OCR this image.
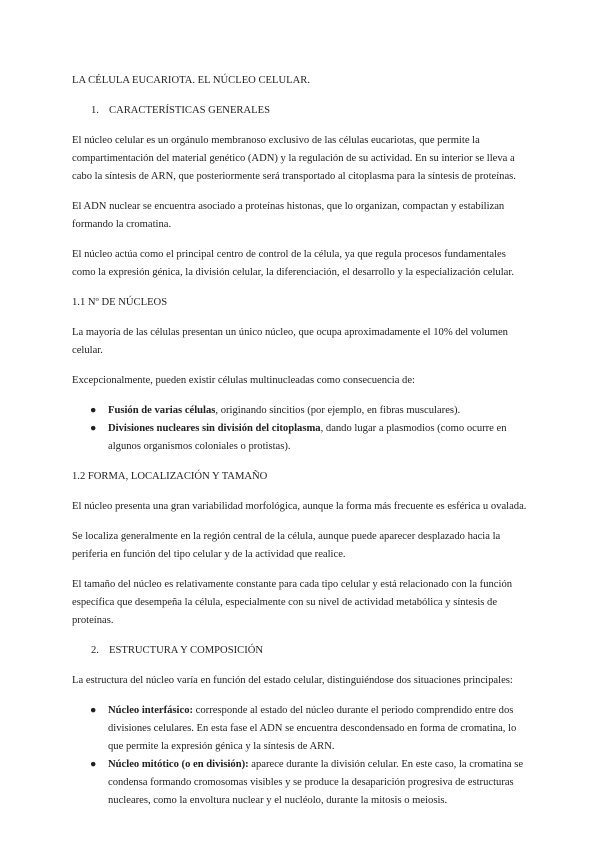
LA CÉLULA EUCARIOTA. EL NÚCLEO CELULAR.

1. CARACTERÍSTICAS GENERALES

El núcleo celular es un orgánulo membranoso exclusivo de las células eucariotas, que permite la compartimentación del material genético (ADN) y la regulación de su actividad. En su interior se lleva a cabo la síntesis de ARN, que posteriormente será transportado al citoplasma para la síntesis de proteínas.

El ADN nuclear se encuentra asociado a proteínas histonas, que lo organizan, compactan y estabilizan formando la cromatina.

El núcleo actúa como el principal centro de control de la célula, ya que regula procesos fundamentales como la expresión génica, la división celular, la diferenciación, el desarrollo y la especialización celular.

1.1 Nº DE NÚCLEOS

La mayoría de las células presentan un único núcleo, que ocupa aproximadamente el 10% del volumen celular.

Excepcionalmente, pueden existir células multinucleadas como consecuencia de:

● Fusión de varias células, originando sincitios (por ejemplo, en fibras musculares).
● Divisiones nucleares sin división del citoplasma, dando lugar a plasmodios (como ocurre en algunos organismos coloniales o protistas).

1.2 FORMA, LOCALIZACIÓN Y TAMAÑO

El núcleo presenta una gran variabilidad morfológica, aunque la forma más frecuente es esférica u ovalada.

Se localiza generalmente en la región central de la célula, aunque puede aparecer desplazado hacia la periferia en función del tipo celular y de la actividad que realice.

El tamaño del núcleo es relativamente constante para cada tipo celular y está relacionado con la función específica que desempeña la célula, especialmente con su nivel de actividad metabólica y síntesis de proteínas.

2. ESTRUCTURA Y COMPOSICIÓN

La estructura del núcleo varía en función del estado celular, distinguiéndose dos situaciones principales:

● Núcleo interfásico: corresponde al estado del núcleo durante el periodo comprendido entre dos divisiones celulares. En esta fase el ADN se encuentra descondensado en forma de cromatina, lo que permite la expresión génica y la síntesis de ARN.
● Núcleo mitótico (o en división): aparece durante la división celular. En este caso, la cromatina se condensa formando cromosomas visibles y se produce la desaparición progresiva de estructuras nucleares, como la envoltura nuclear y el nucléolo, durante la mitosis o meiosis.
